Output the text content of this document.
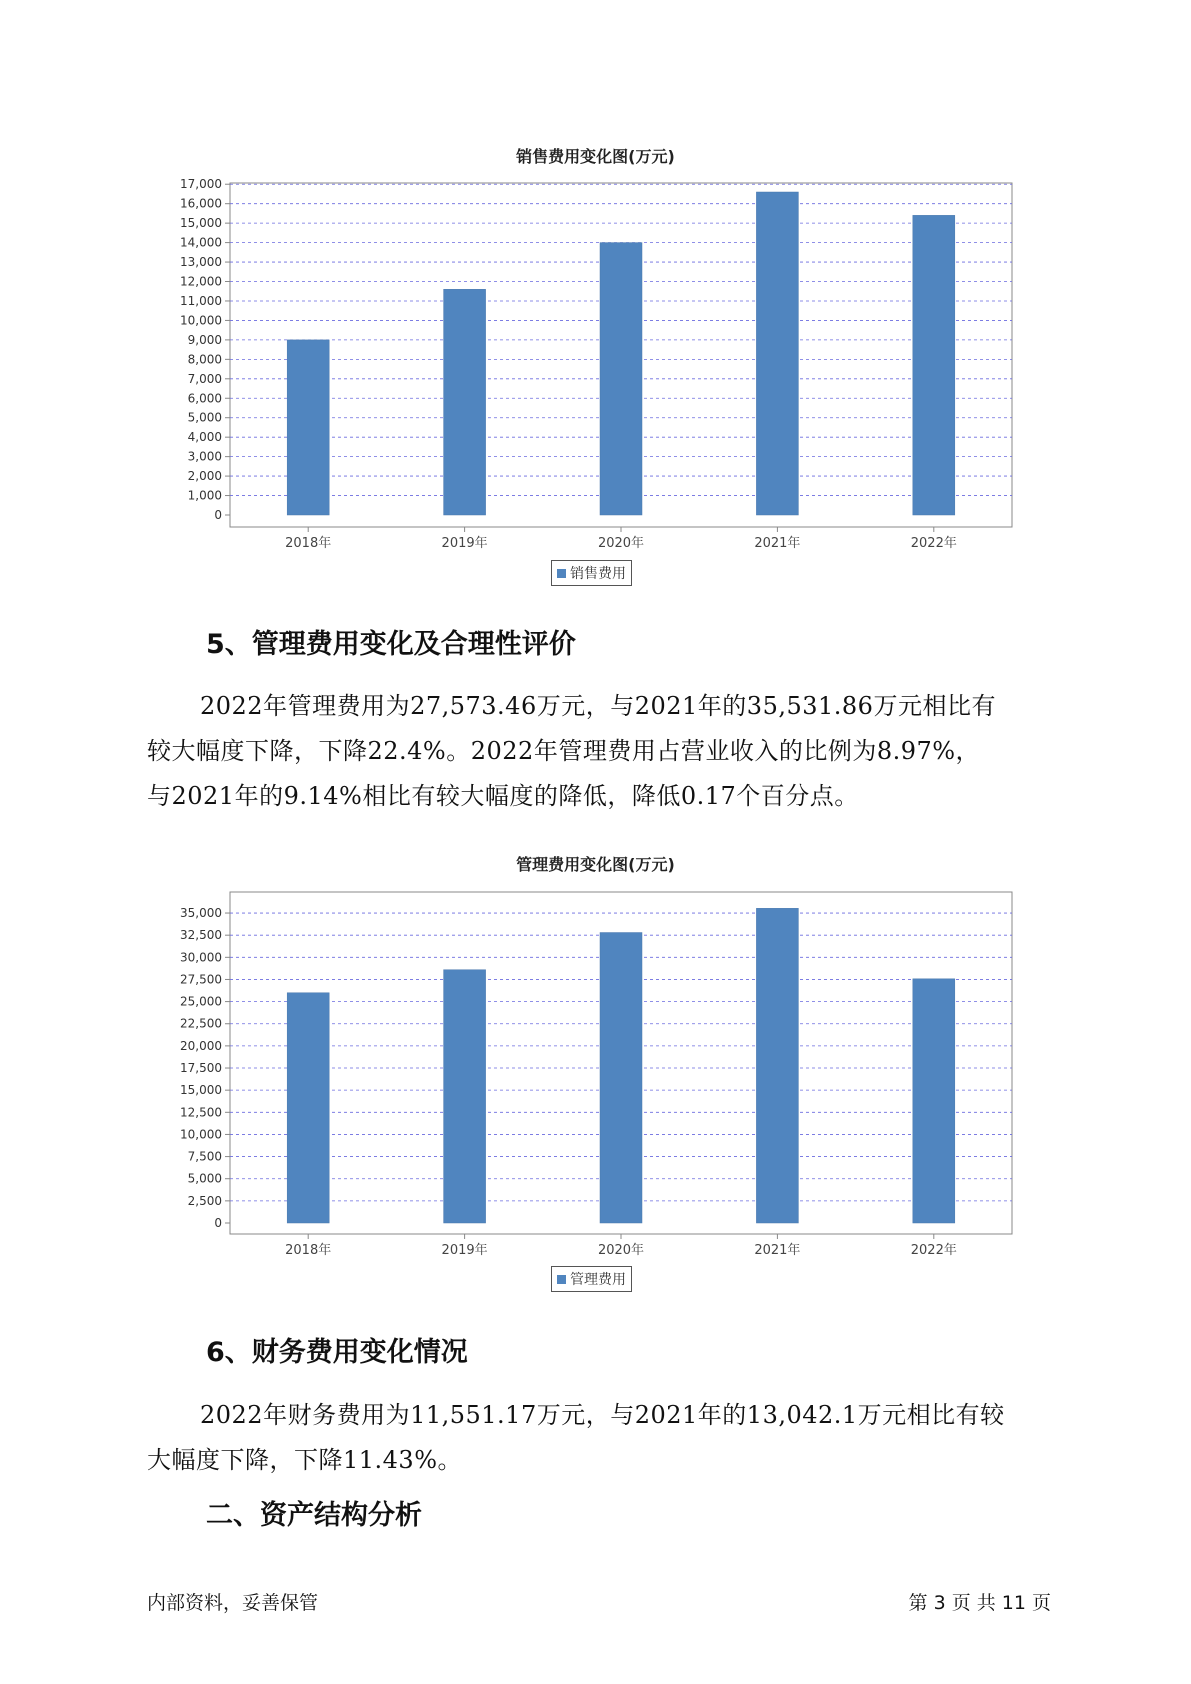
销售费用变化图(万元)
0
1,000
2,000
3,000
4,000
5,000
6,000
7,000
8,000
9,000
10,000
11,000
12,000
13,000
14,000
15,000
16,000
17,000
2018年	2019年	2020年	2021年	2022年
销售费用
5、管理费用变化及合理性评价
2022年管理费用为27,573.46万元，与2021年的35,531.86万元相比有
较大幅度下降，下降22.4%。2022年管理费用占营业收入的比例为8.97%，
与2021年的9.14%相比有较大幅度的降低，降低0.17个百分点。
管理费用变化图(万元)
0
2,500
5,000
7,500
10,000
12,500
15,000
17,500
20,000
22,500
25,000
27,500
30,000
32,500
35,000
2018年	2019年	2020年	2021年	2022年
管理费用
6、财务费用变化情况
2022年财务费用为11,551.17万元，与2021年的13,042.1万元相比有较
大幅度下降，下降11.43%。
二、资产结构分析
内部资料，妥善保管	第 3 页 共 11 页
